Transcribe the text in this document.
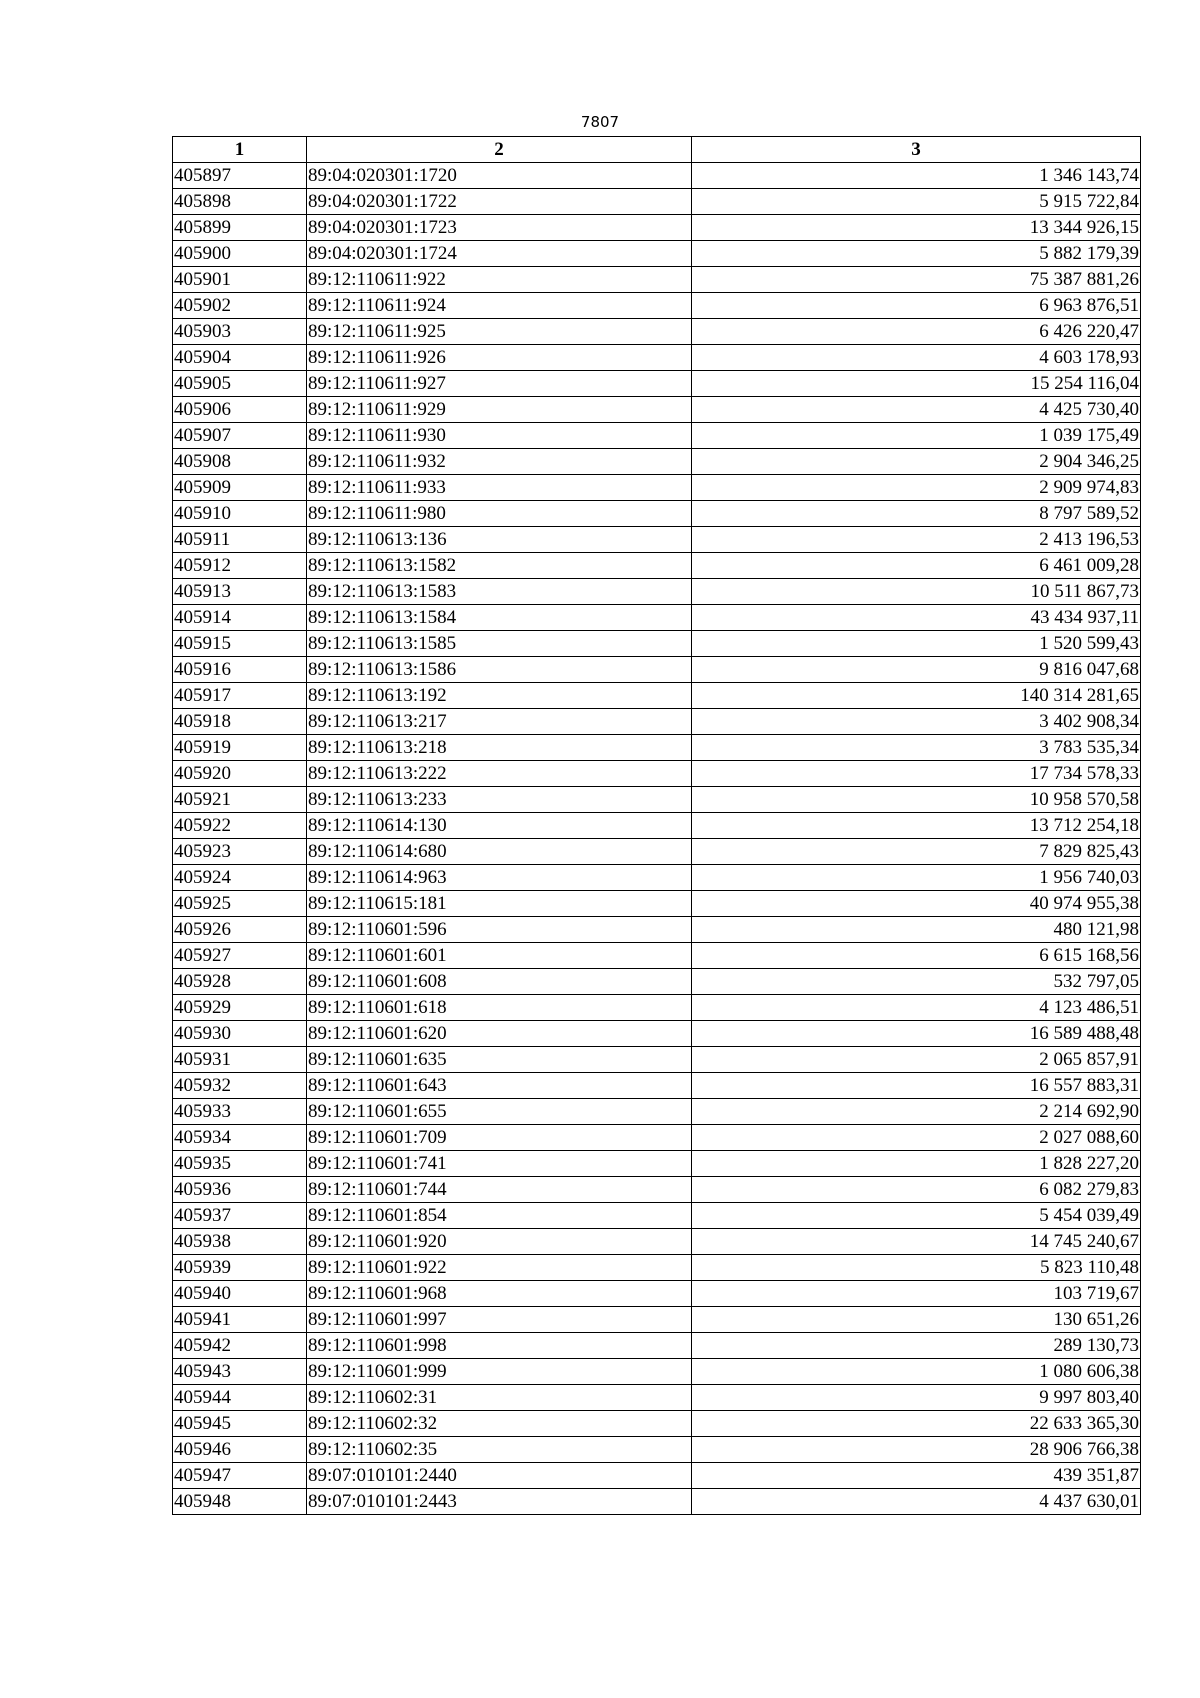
7807
1	2	3
405897	89:04:020301:1720	1 346 143,74
405898	89:04:020301:1722	5 915 722,84
405899	89:04:020301:1723	13 344 926,15
405900	89:04:020301:1724	5 882 179,39
405901	89:12:110611:922	75 387 881,26
405902	89:12:110611:924	6 963 876,51
405903	89:12:110611:925	6 426 220,47
405904	89:12:110611:926	4 603 178,93
405905	89:12:110611:927	15 254 116,04
405906	89:12:110611:929	4 425 730,40
405907	89:12:110611:930	1 039 175,49
405908	89:12:110611:932	2 904 346,25
405909	89:12:110611:933	2 909 974,83
405910	89:12:110611:980	8 797 589,52
405911	89:12:110613:136	2 413 196,53
405912	89:12:110613:1582	6 461 009,28
405913	89:12:110613:1583	10 511 867,73
405914	89:12:110613:1584	43 434 937,11
405915	89:12:110613:1585	1 520 599,43
405916	89:12:110613:1586	9 816 047,68
405917	89:12:110613:192	140 314 281,65
405918	89:12:110613:217	3 402 908,34
405919	89:12:110613:218	3 783 535,34
405920	89:12:110613:222	17 734 578,33
405921	89:12:110613:233	10 958 570,58
405922	89:12:110614:130	13 712 254,18
405923	89:12:110614:680	7 829 825,43
405924	89:12:110614:963	1 956 740,03
405925	89:12:110615:181	40 974 955,38
405926	89:12:110601:596	480 121,98
405927	89:12:110601:601	6 615 168,56
405928	89:12:110601:608	532 797,05
405929	89:12:110601:618	4 123 486,51
405930	89:12:110601:620	16 589 488,48
405931	89:12:110601:635	2 065 857,91
405932	89:12:110601:643	16 557 883,31
405933	89:12:110601:655	2 214 692,90
405934	89:12:110601:709	2 027 088,60
405935	89:12:110601:741	1 828 227,20
405936	89:12:110601:744	6 082 279,83
405937	89:12:110601:854	5 454 039,49
405938	89:12:110601:920	14 745 240,67
405939	89:12:110601:922	5 823 110,48
405940	89:12:110601:968	103 719,67
405941	89:12:110601:997	130 651,26
405942	89:12:110601:998	289 130,73
405943	89:12:110601:999	1 080 606,38
405944	89:12:110602:31	9 997 803,40
405945	89:12:110602:32	22 633 365,30
405946	89:12:110602:35	28 906 766,38
405947	89:07:010101:2440	439 351,87
405948	89:07:010101:2443	4 437 630,01
